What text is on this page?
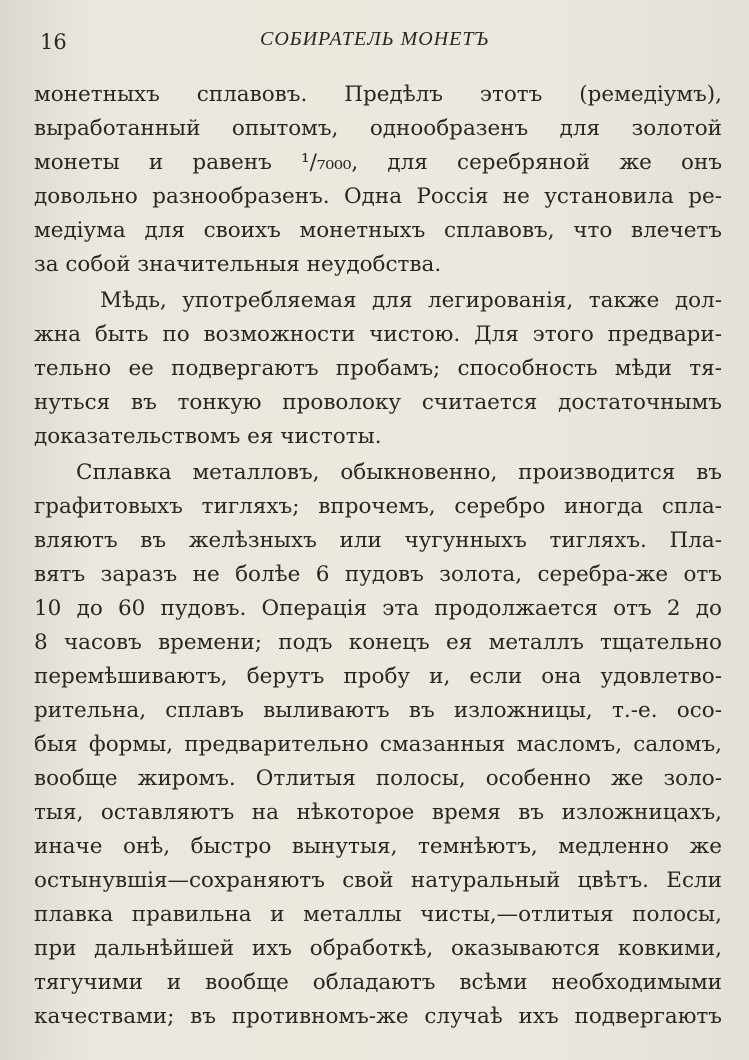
16	СОБИРАТЕЛЬ МОНЕТЪ
монетныхъ сплавовъ. Предѣлъ этотъ (ремедіумъ),
выработанный опытомъ, однообразенъ для золотой
монеты и равенъ ¹/₇₀₀₀, для серебряной же онъ
довольно разнообразенъ. Одна Россія не установила ре-
медіума для своихъ монетныхъ сплавовъ, что влечетъ
за собой значительныя неудобства.
Мѣдь, употребляемая для легированія, также дол-
жна быть по возможности чистою. Для этого предвари-
тельно ее подвергаютъ пробамъ; способность мѣди тя-
нуться въ тонкую проволоку считается достаточнымъ
доказательствомъ ея чистоты.
Сплавка металловъ, обыкновенно, производится въ
графитовыхъ тигляхъ; впрочемъ, серебро иногда спла-
вляютъ въ желѣзныхъ или чугунныхъ тигляхъ. Пла-
вятъ заразъ не болѣе 6 пудовъ золота, серебра-же отъ
10 до 60 пудовъ. Операція эта продолжается отъ 2 до
8 часовъ времени; подъ конецъ ея металлъ тщательно
перемѣшиваютъ, берутъ пробу и, если она удовлетво-
рительна, сплавъ выливаютъ въ изложницы, т.-е. осо-
быя формы, предварительно смазанныя масломъ, саломъ,
вообще жиромъ. Отлитыя полосы, особенно же золо-
тыя, оставляютъ на нѣкоторое время въ изложницахъ,
иначе онѣ, быстро вынутыя, темнѣютъ, медленно же
остынувшія—сохраняютъ свой натуральный цвѣтъ. Если
плавка правильна и металлы чисты,—отлитыя полосы,
при дальнѣйшей ихъ обработкѣ, оказываются ковкими,
тягучими и вообще обладаютъ всѣми необходимыми
качествами; въ противномъ-же случаѣ ихъ подвергаютъ
